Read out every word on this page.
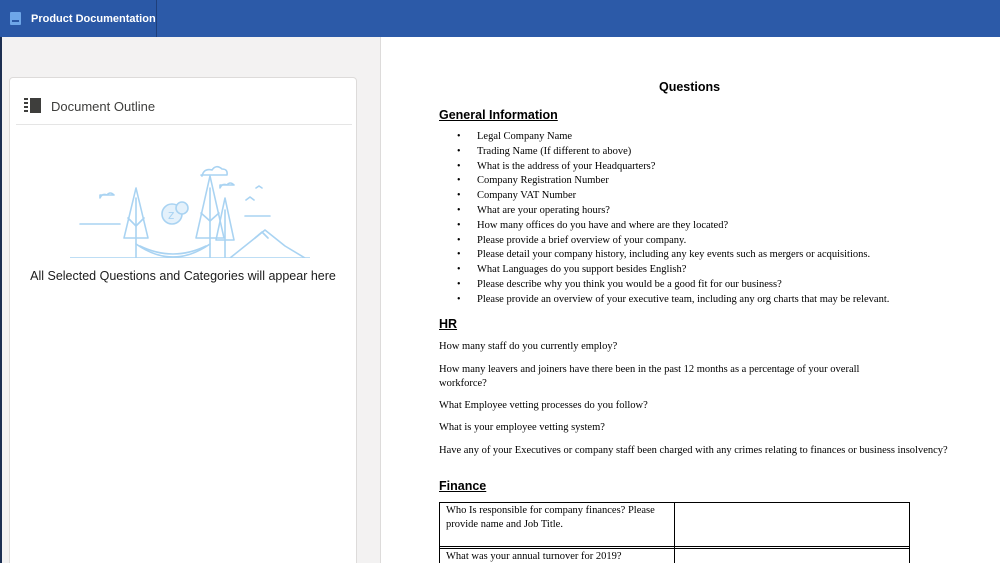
Product Documentation
Document Outline
z
All Selected Questions and Categories will appear here
Questions
General Information
• Legal Company Name
• Trading Name (If different to above)
• What is the address of your Headquarters?
• Company Registration Number
• Company VAT Number
• What are your operating hours?
• How many offices do you have and where are they located?
• Please provide a brief overview of your company.
• Please detail your company history, including any key events such as mergers or acquisitions.
• What Languages do you support besides English?
• Please describe why you think you would be a good fit for our business?
• Please provide an overview of your executive team, including any org charts that may be relevant.
HR
How many staff do you currently employ?
How many leavers and joiners have there been in the past 12 months as a percentage of your overall workforce?
What Employee vetting processes do you follow?
What is your employee vetting system?
Have any of your Executives or company staff been charged with any crimes relating to finances or business insolvency?
Finance
Who Is responsible for company finances? Please provide name and Job Title.	

What was your annual turnover for 2019?	
